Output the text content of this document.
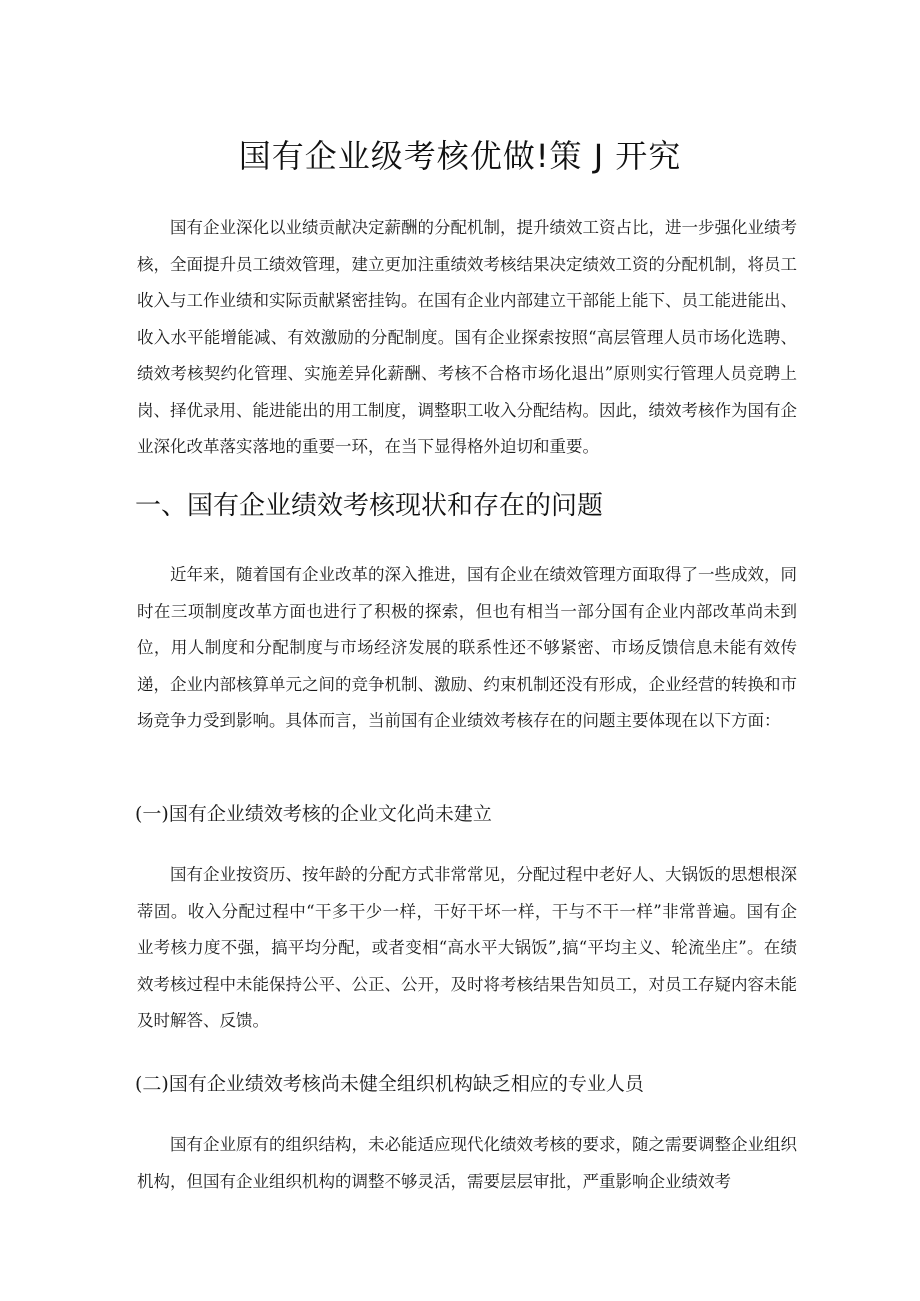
国有企业级考核优做!策 J 开究

国有企业深化以业绩贡献决定薪酬的分配机制，提升绩效工资占比，进一步强化业绩考核，全面提升员工绩效管理，建立更加注重绩效考核结果决定绩效工资的分配机制，将员工收入与工作业绩和实际贡献紧密挂钩。在国有企业内部建立干部能上能下、员工能进能出、收入水平能增能减、有效激励的分配制度。国有企业探索按照“高层管理人员市场化选聘、绩效考核契约化管理、实施差异化薪酬、考核不合格市场化退出”原则实行管理人员竞聘上岗、择优录用、能进能出的用工制度，调整职工收入分配结构。因此，绩效考核作为国有企业深化改革落实落地的重要一环，在当下显得格外迫切和重要。

一、国有企业绩效考核现状和存在的问题

近年来，随着国有企业改革的深入推进，国有企业在绩效管理方面取得了一些成效，同时在三项制度改革方面也进行了积极的探索，但也有相当一部分国有企业内部改革尚未到位，用人制度和分配制度与市场经济发展的联系性还不够紧密、市场反馈信息未能有效传递，企业内部核算单元之间的竞争机制、激励、约束机制还没有形成，企业经营的转换和市场竞争力受到影响。具体而言，当前国有企业绩效考核存在的问题主要体现在以下方面：

(一)国有企业绩效考核的企业文化尚未建立

国有企业按资历、按年龄的分配方式非常常见，分配过程中老好人、大锅饭的思想根深蒂固。收入分配过程中“干多干少一样，干好干坏一样，干与不干一样”非常普遍。国有企业考核力度不强，搞平均分配，或者变相“高水平大锅饭”,搞“平均主义、轮流坐庄”。在绩效考核过程中未能保持公平、公正、公开，及时将考核结果告知员工，对员工存疑内容未能及时解答、反馈。

(二)国有企业绩效考核尚未健全组织机构缺乏相应的专业人员

国有企业原有的组织结构，未必能适应现代化绩效考核的要求，随之需要调整企业组织机构，但国有企业组织机构的调整不够灵活，需要层层审批，严重影响企业绩效考
